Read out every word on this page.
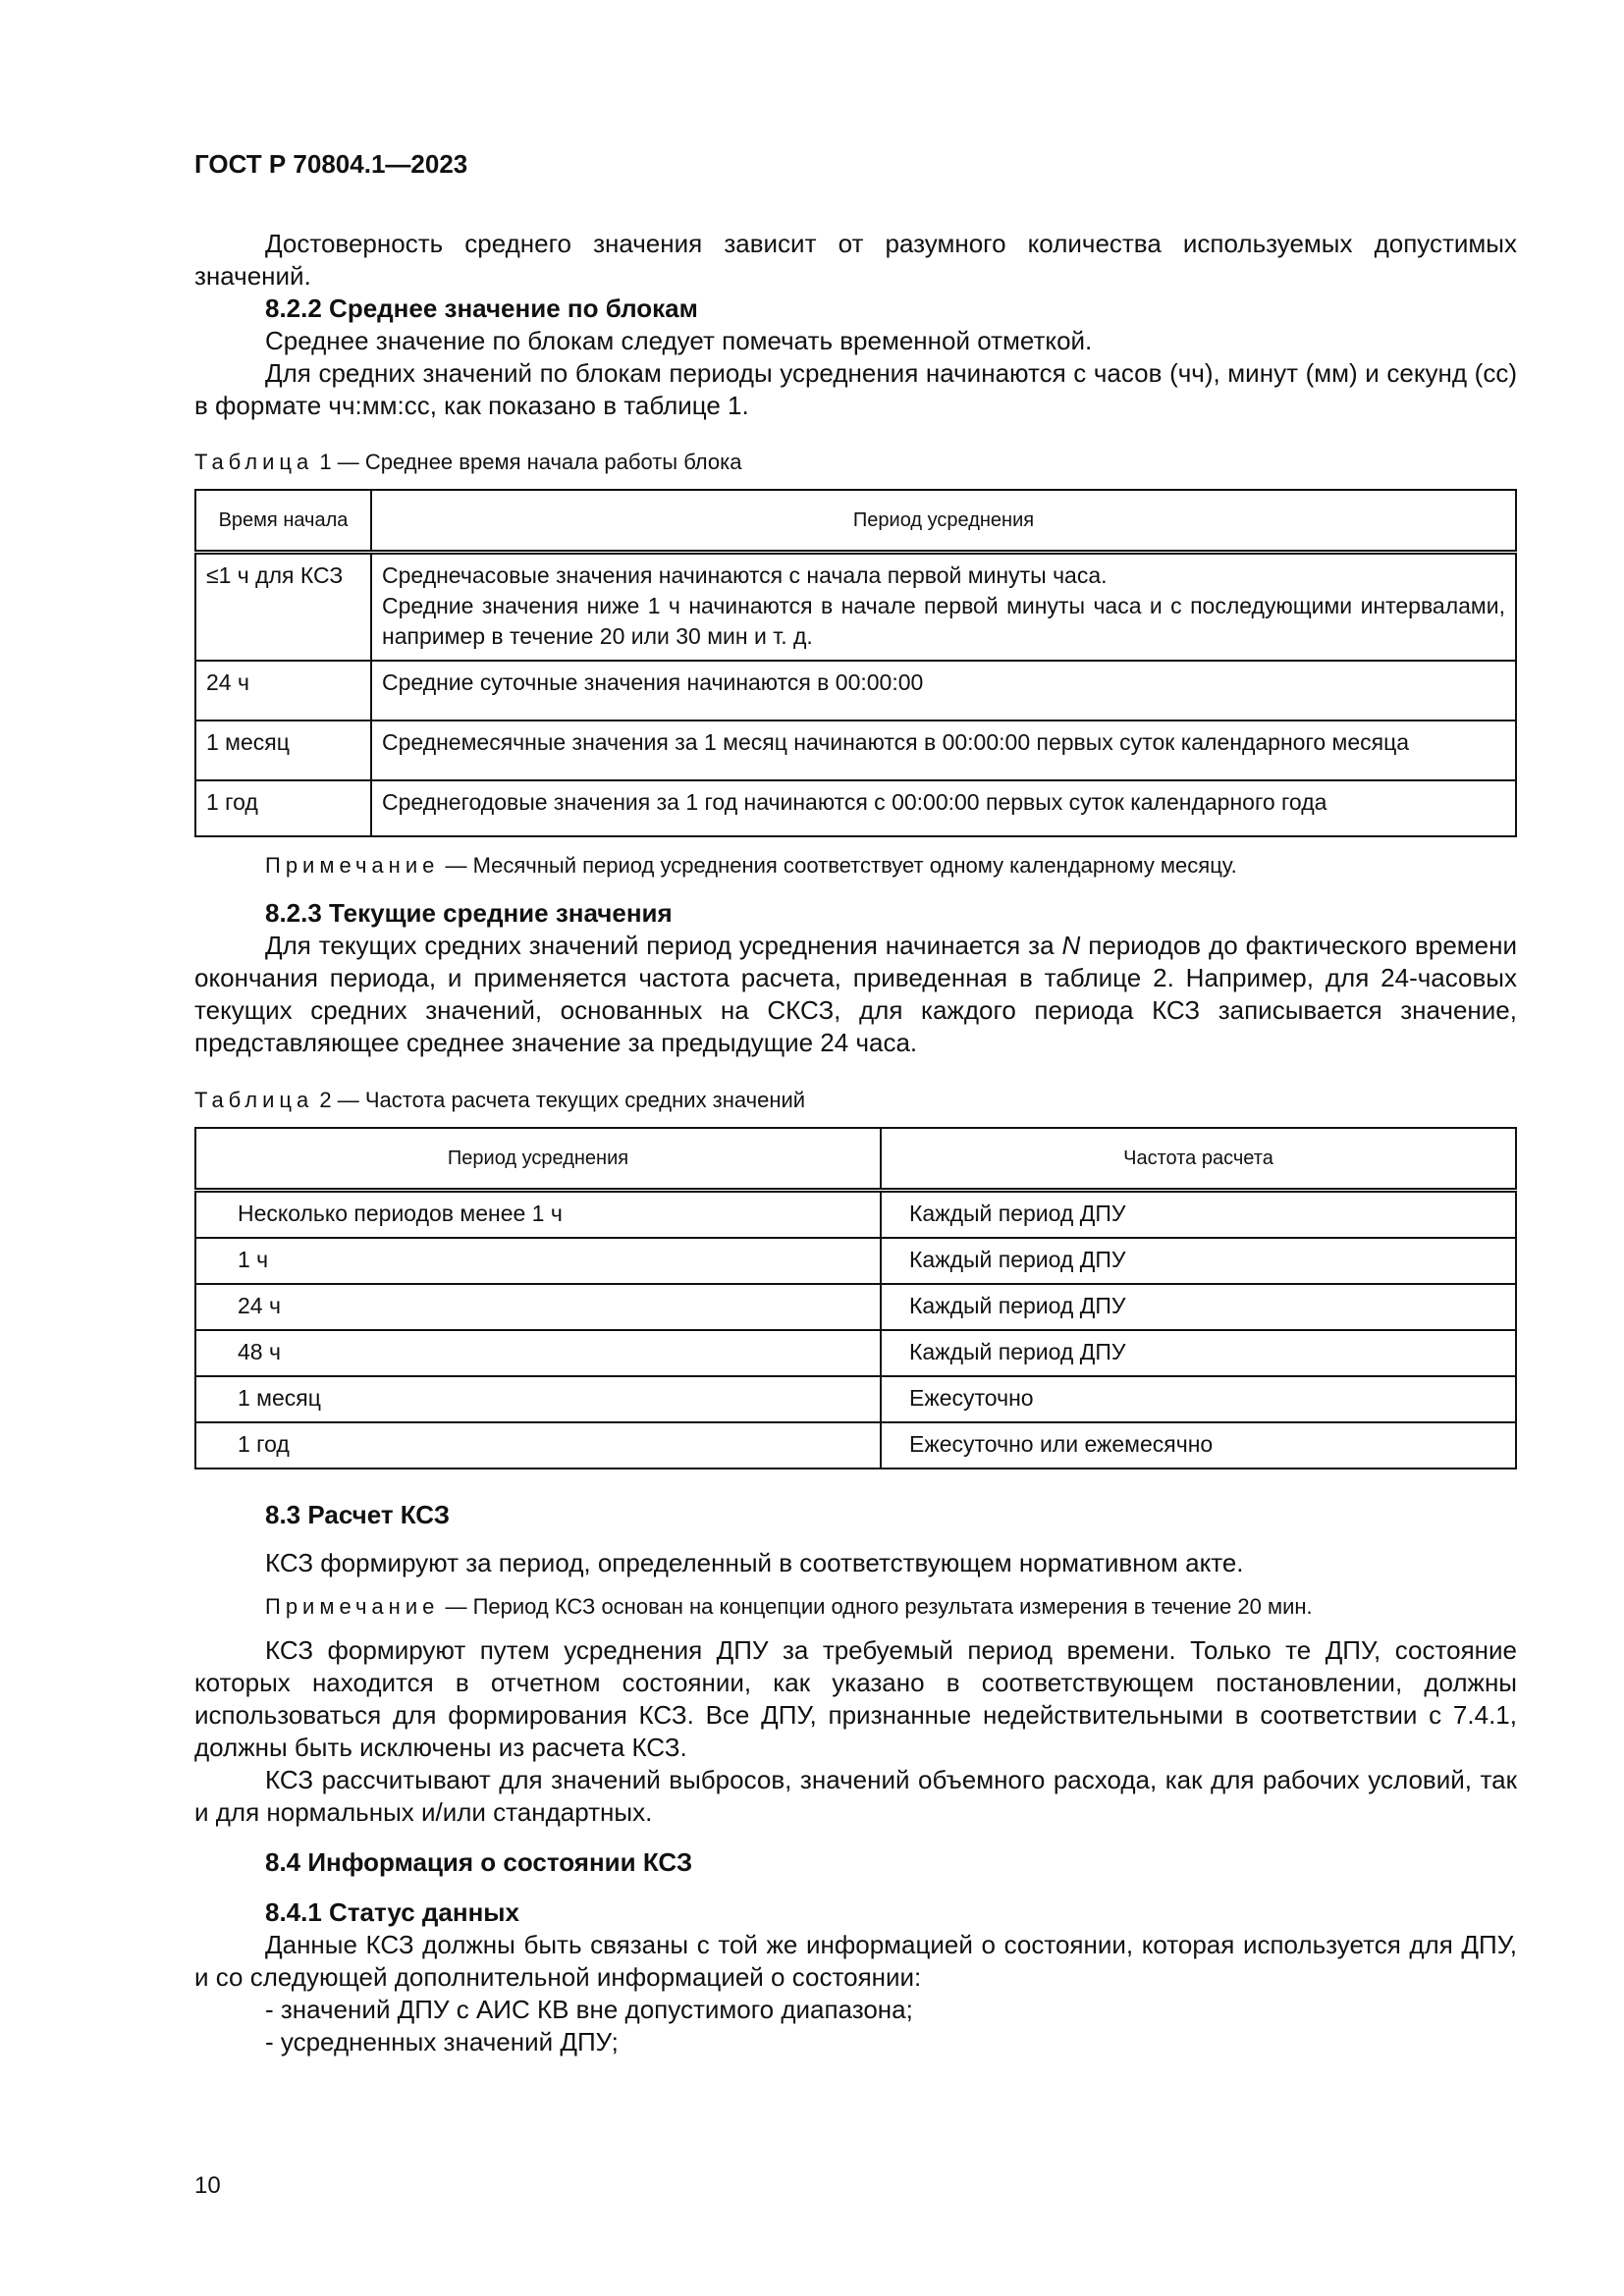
ГОСТ Р 70804.1—2023

Достоверность среднего значения зависит от разумного количества используемых допустимых значений.

8.2.2 Среднее значение по блокам

Среднее значение по блокам следует помечать временной отметкой.

Для средних значений по блокам периоды усреднения начинаются с часов (чч), минут (мм) и секунд (сс) в формате чч:мм:сс, как показано в таблице 1.

Таблица 1 — Среднее время начала работы блока
Время начала	Период усреднения
≤1 ч для КСЗ	Среднечасовые значения начинаются с начала первой минуты часа.
Средние значения ниже 1 ч начинаются в начале первой минуты часа и с последующими интервалами, например в течение 20 или 30 мин и т. д.

24 ч	Средние суточные значения начинаются в 00:00:00
1 месяц	Среднемесячные значения за 1 месяц начинаются в 00:00:00 первых суток календарного месяца
1 год	Среднегодовые значения за 1 год начинаются с 00:00:00 первых суток календарного года
Примечание — Месячный период усреднения соответствует одному календарному месяцу.

8.2.3 Текущие средние значения

Для текущих средних значений период усреднения начинается за N периодов до фактического времени окончания периода, и применяется частота расчета, приведенная в таблице 2. Например, для 24-часовых текущих средних значений, основанных на СКСЗ, для каждого периода КСЗ записывается значение, представляющее среднее значение за предыдущие 24 часа.

Таблица 2 — Частота расчета текущих средних значений
Период усреднения	Частота расчета
Несколько периодов менее 1 ч	Каждый период ДПУ
1 ч	Каждый период ДПУ
24 ч	Каждый период ДПУ
48 ч	Каждый период ДПУ
1 месяц	Ежесуточно
1 год	Ежесуточно или ежемесячно

8.3 Расчет КСЗ

КСЗ формируют за период, определенный в соответствующем нормативном акте.

Примечание — Период КСЗ основан на концепции одного результата измерения в течение 20 мин.

КСЗ формируют путем усреднения ДПУ за требуемый период времени. Только те ДПУ, состояние которых находится в отчетном состоянии, как указано в соответствующем постановлении, должны использоваться для формирования КСЗ. Все ДПУ, признанные недействительными в соответствии с 7.4.1, должны быть исключены из расчета КСЗ.

КСЗ рассчитывают для значений выбросов, значений объемного расхода, как для рабочих условий, так и для нормальных и/или стандартных.

8.4 Информация о состоянии КСЗ

8.4.1 Статус данных

Данные КСЗ должны быть связаны с той же информацией о состоянии, которая используется для ДПУ, и со следующей дополнительной информацией о состоянии:

- значений ДПУ с АИС КВ вне допустимого диапазона;
- усредненных значений ДПУ;
10
